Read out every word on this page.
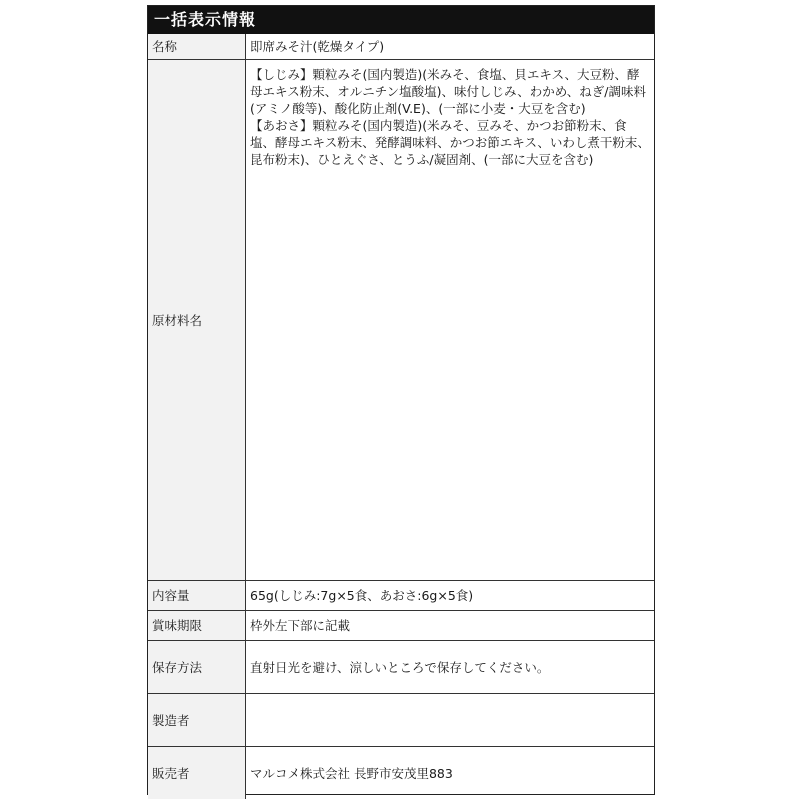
一括表示情報
名称	即席みそ汁(乾燥タイプ)
原材料名	【しじみ】顆粒みそ(国内製造)(米みそ、食塩、貝エキス、大豆粉、酵母エキス粉末、オルニチン塩酸塩)、味付しじみ、わかめ、ねぎ/調味料(アミノ酸等)、酸化防止剤(V.E)、(一部に小麦・大豆を含む)

【あおさ】顆粒みそ(国内製造)(米みそ、豆みそ、かつお節粉末、食塩、酵母エキス粉末、発酵調味料、かつお節エキス、いわし煮干粉末、昆布粉末)、ひとえぐさ、とうふ/凝固剤、(一部に大豆を含む)

内容量	65g(しじみ:7g×5食、あおさ:6g×5食)
賞味期限	枠外左下部に記載
保存方法	直射日光を避け、涼しいところで保存してください。
製造者	
販売者	マルコメ株式会社 長野市安茂里883
